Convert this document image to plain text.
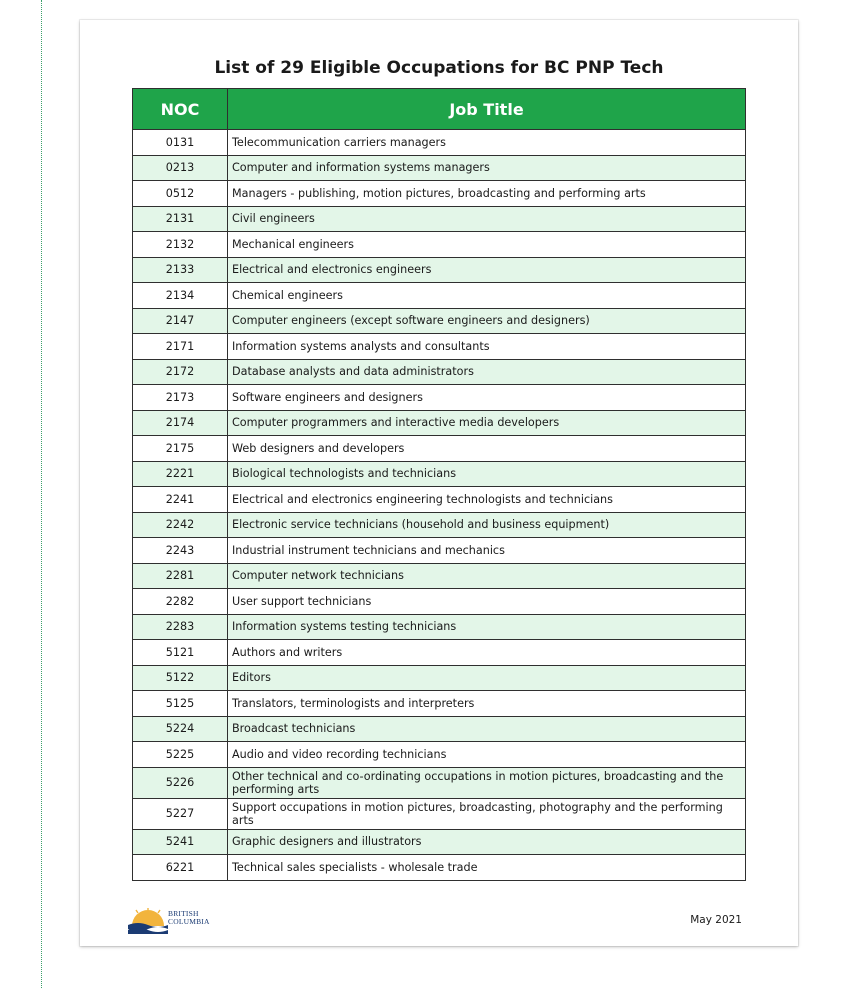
List of 29 Eligible Occupations for BC PNP Tech
NOC	Job Title
0131	Telecommunication carriers managers
0213	Computer and information systems managers
0512	Managers - publishing, motion pictures, broadcasting and performing arts
2131	Civil engineers
2132	Mechanical engineers
2133	Electrical and electronics engineers
2134	Chemical engineers
2147	Computer engineers (except software engineers and designers)
2171	Information systems analysts and consultants
2172	Database analysts and data administrators
2173	Software engineers and designers
2174	Computer programmers and interactive media developers
2175	Web designers and developers
2221	Biological technologists and technicians
2241	Electrical and electronics engineering technologists and technicians
2242	Electronic service technicians (household and business equipment)
2243	Industrial instrument technicians and mechanics
2281	Computer network technicians
2282	User support technicians
2283	Information systems testing technicians
5121	Authors and writers
5122	Editors
5125	Translators, terminologists and interpreters
5224	Broadcast technicians
5225	Audio and video recording technicians
5226	Other technical and co-ordinating occupations in motion pictures, broadcasting and the performing arts
5227	Support occupations in motion pictures, broadcasting, photography and the performing arts
5241	Graphic designers and illustrators
6221	Technical sales specialists - wholesale trade
BRITISH
COLUMBIA	May 2021
